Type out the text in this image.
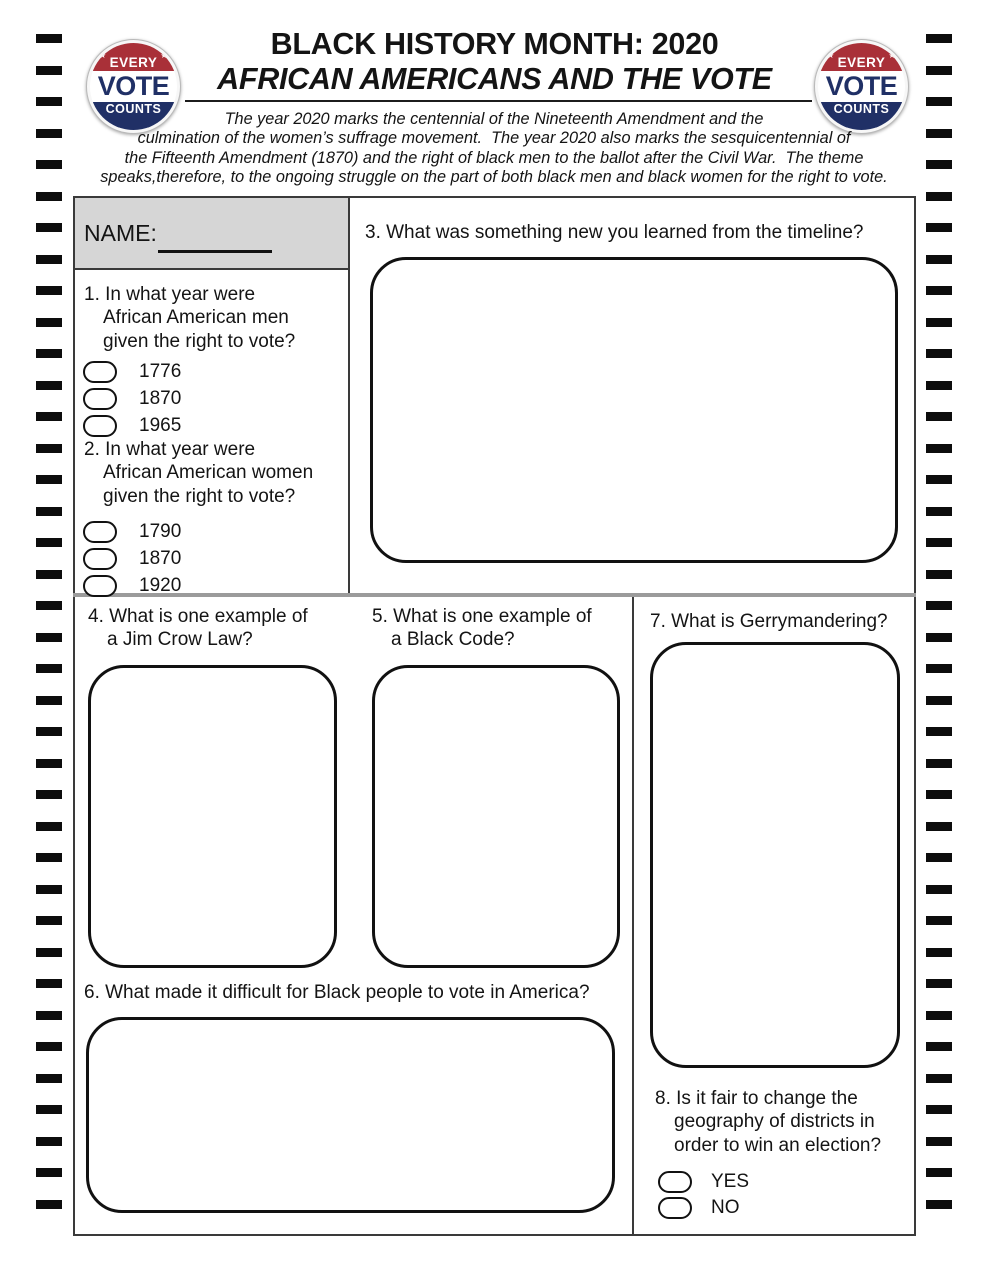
★ EVERY ★
VOTE
★
COUNTS
★
★ EVERY ★
VOTE
★
COUNTS
★
BLACK HISTORY MONTH: 2020
AFRICAN AMERICANS AND THE VOTE
The year 2020 marks the centennial of the Nineteenth Amendment and the
culmination of the women’s suffrage movement.  The year 2020 also marks the sesquicentennial of
the Fifteenth Amendment (1870) and the right of black men to the ballot after the Civil War.  The theme
speaks,therefore, to the ongoing struggle on the part of both black men and black women for the right to vote.
NAME:
1. In what year were
African American men
given the right to vote?
1776
1870
1965
2. In what year were
African American women
given the right to vote?
1790
1870
1920
3. What was something new you learned from the timeline?
4. What is one example of
a Jim Crow Law?
5. What is one example of
a Black Code?
6. What made it difficult for Black people to vote in America?
7. What is Gerrymandering?
8. Is it fair to change the
geography of districts in
order to win an election?
YES
NO
